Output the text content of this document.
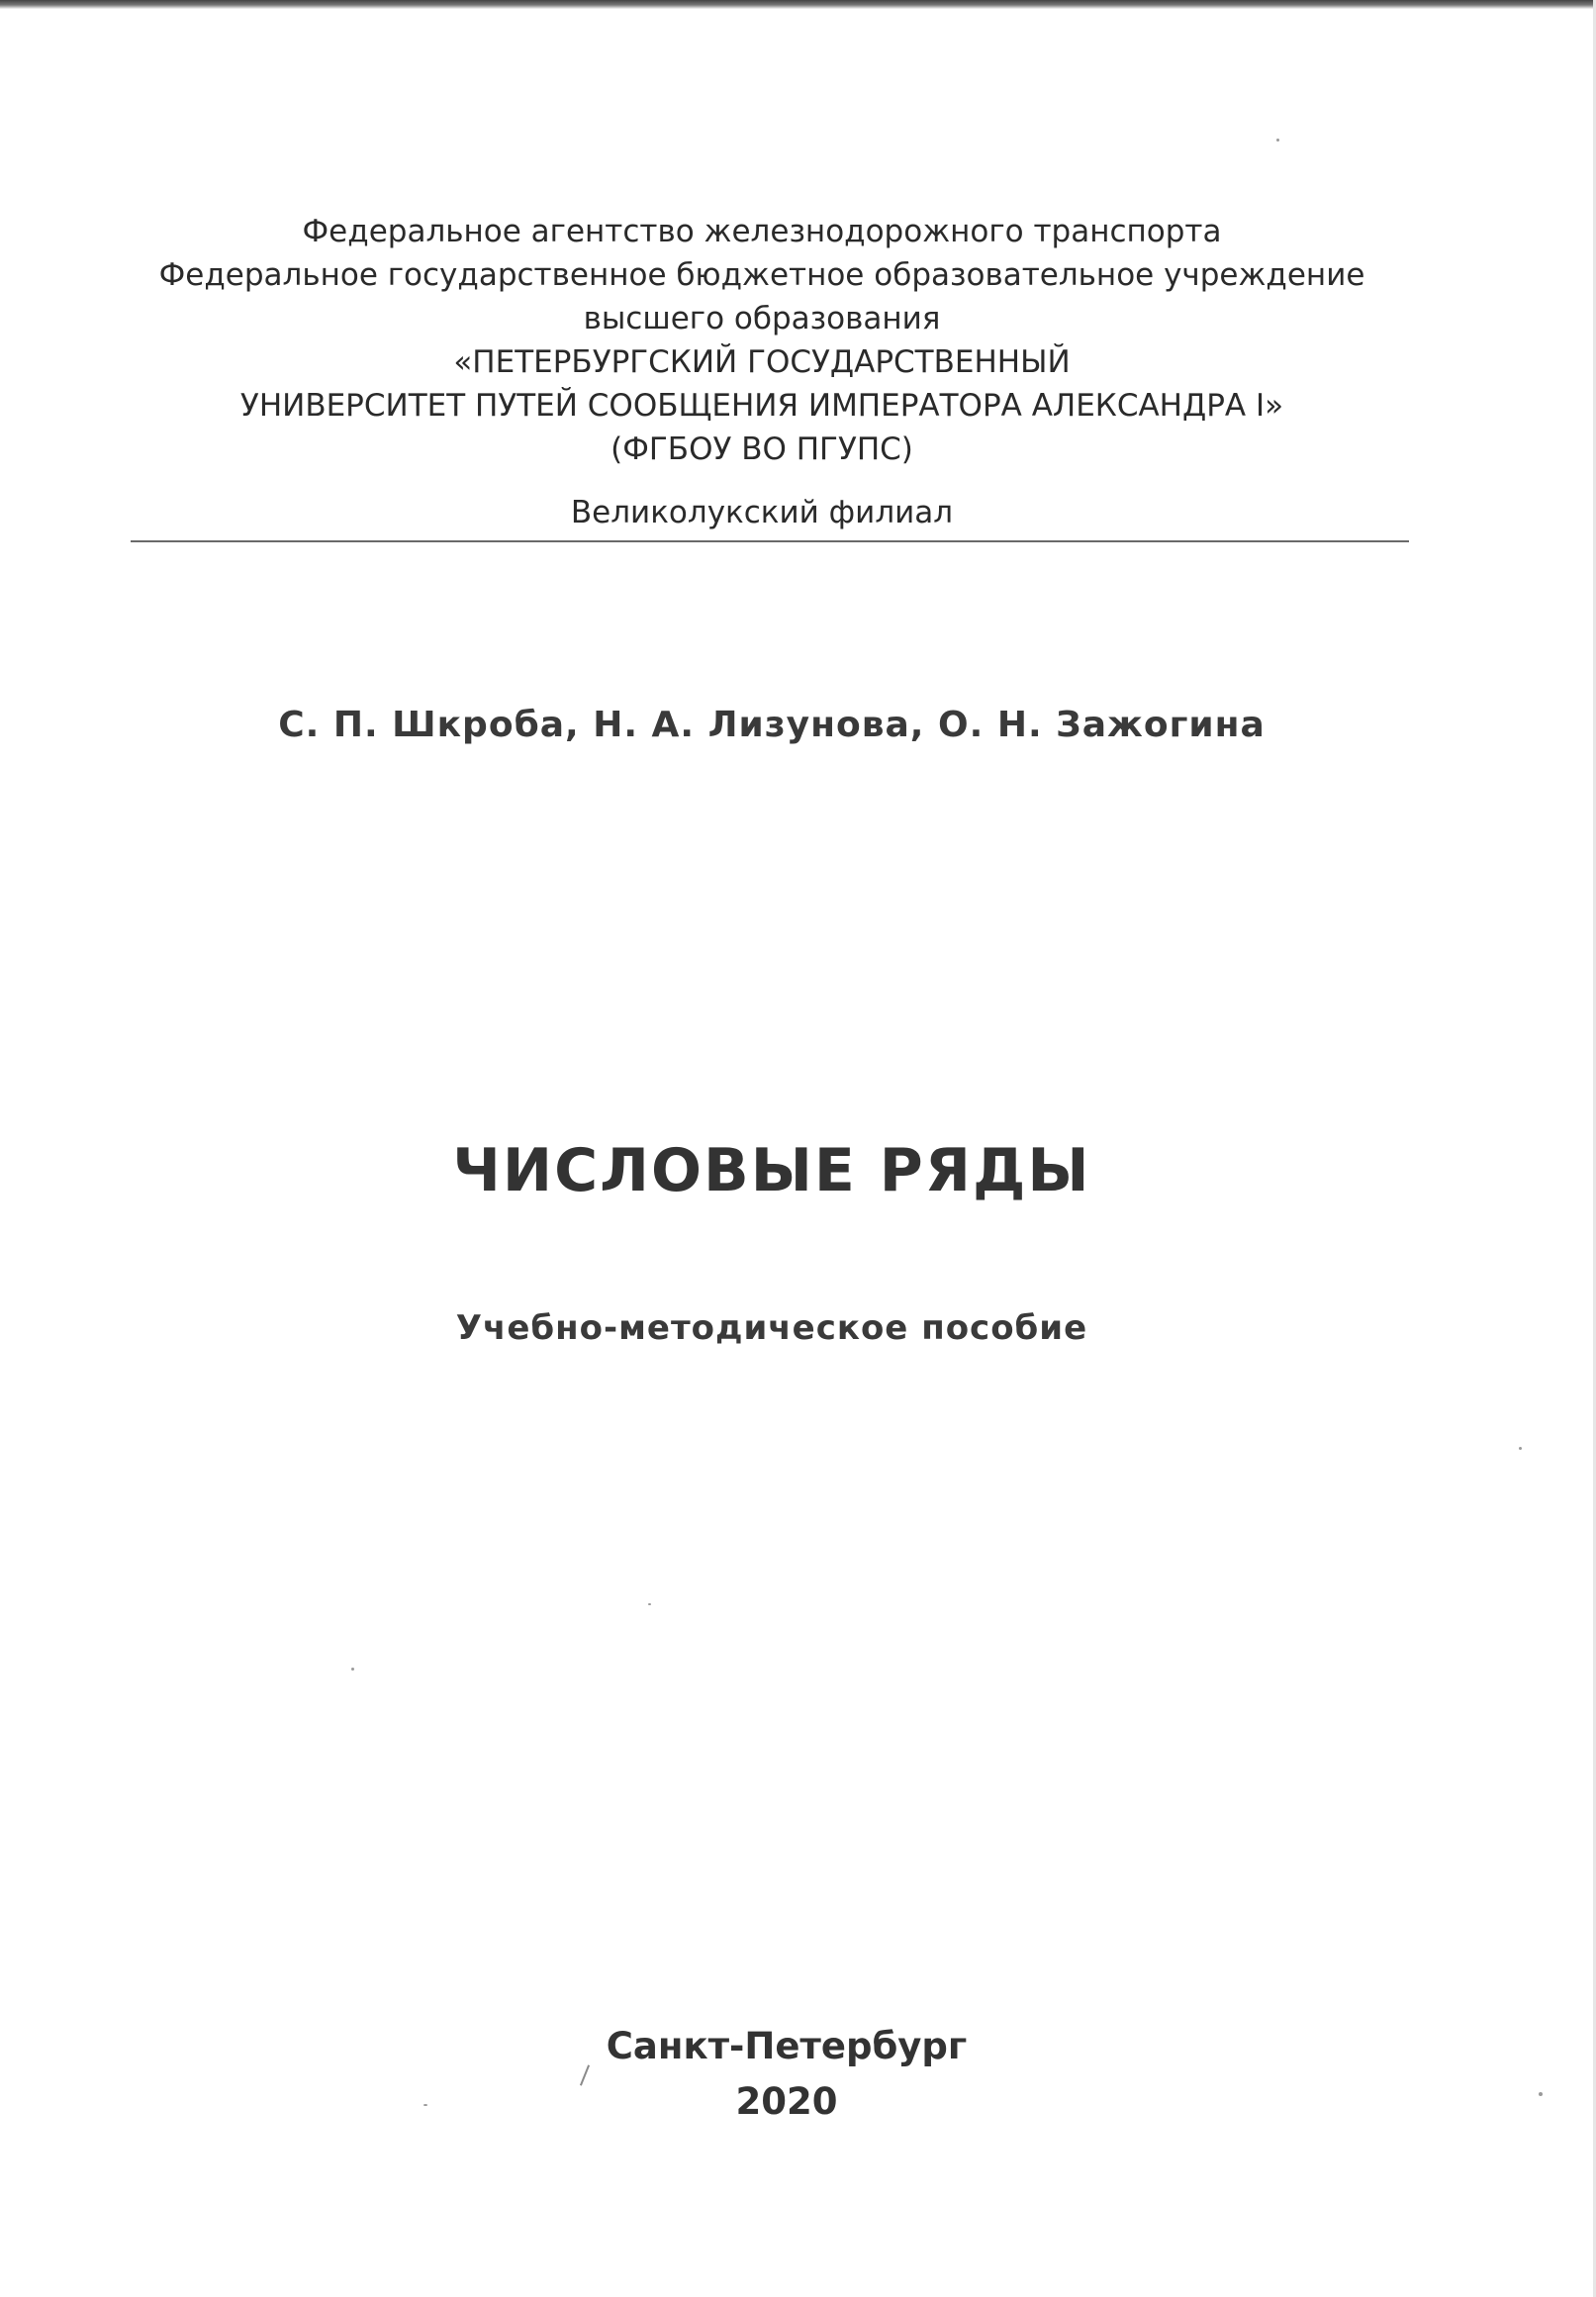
Федеральное агентство железнодорожного транспорта
Федеральное государственное бюджетное образовательное учреждение
высшего образования
«ПЕТЕРБУРГСКИЙ ГОСУДАРСТВЕННЫЙ
УНИВЕРСИТЕТ ПУТЕЙ СООБЩЕНИЯ ИМПЕРАТОРА АЛЕКСАНДРА I»
(ФГБОУ ВО ПГУПС)
Великолукский филиал
С. П. Шкроба, Н. А. Лизунова, О. Н. Зажогина
ЧИСЛОВЫЕ РЯДЫ
Учебно-методическое пособие
Санкт-Петербург
2020
